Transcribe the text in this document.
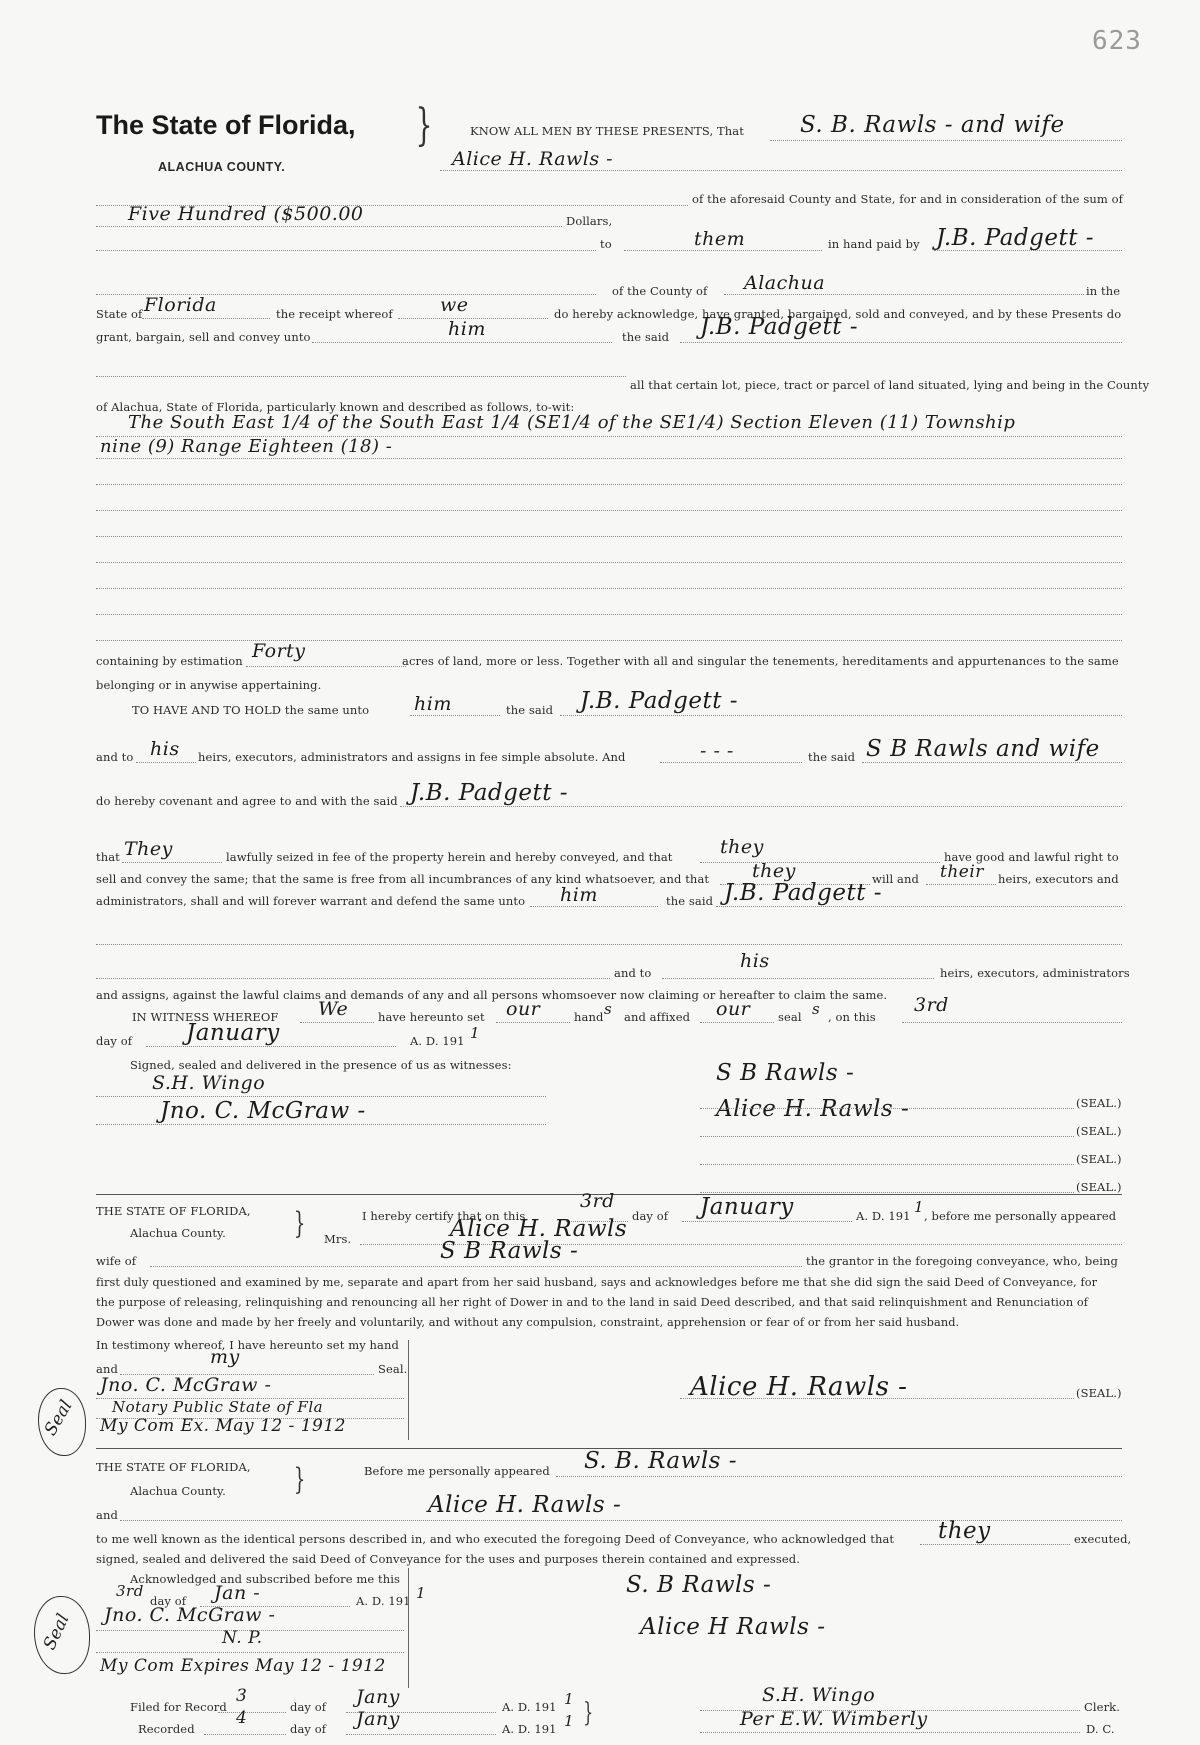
623
The State of Florida,
ALACHUA COUNTY.
}	KNOW ALL MEN BY THESE PRESENTS, That S. B. Rawls - and wife
Alice H. Rawls -
of the aforesaid County and State, for and in consideration of the sum of
Five Hundred ($500.00	Dollars,
to	them	in hand paid by J.B. Padgett -
of the County of Alachua	in the
State of Florida	the receipt whereof we	do hereby acknowledge, have granted, bargained, sold and conveyed, and by these Presents do
grant, bargain, sell and convey unto	him	the said J.B. Padgett -
all that certain lot, piece, tract or parcel of land situated, lying and being in the County
of Alachua, State of Florida, particularly known and described as follows, to-wit:
The South East 1/4 of the South East 1/4 (SE1/4 of the SE1/4) Section Eleven (11) Township
nine (9) Range Eighteen (18) -
containing by estimation Forty	acres of land, more or less. Together with all and singular the tenements, hereditaments and appurtenances to the same
belonging or in anywise appertaining.
TO HAVE AND TO HOLD the same unto him	the said J.B. Padgett -
and to his heirs, executors, administrators and assigns in fee simple absolute. And	- - -	the said S B Rawls and wife
do hereby covenant and agree to and with the said J.B. Padgett -
that They	lawfully seized in fee of the property herein and hereby conveyed, and that they	have good and lawful right to
sell and convey the same; that the same is free from all incumbrances of any kind whatsoever, and that they	will and their heirs, executors and
administrators, shall and will forever warrant and defend the same unto him	the said J.B. Padgett -
and to
his
heirs, executors, administrators
and assigns, against the lawful claims and demands of any and all persons whomsoever now claiming or hereafter to claim the same.
IN WITNESS WHEREOF We	have hereunto set our	hand s and affixed our seal s , on this
3rd
day of January	A. D. 191 1
Signed, sealed and delivered in the presence of us as witnesses:
S.H. Wingo
Jno. C. McGraw -
S B Rawls -
Alice H. Rawls -	(SEAL.)
(SEAL.)
(SEAL.)
(SEAL.)
THE STATE OF FLORIDA,
Alachua County. }	I hereby certify that on this
3rd
day of January	A. D. 191 1 , before me personally appeared
Mrs.	Alice H. Rawls
wife of	S B Rawls -	the grantor in the foregoing conveyance, who, being
first duly questioned and examined by me, separate and apart from her said husband, says and acknowledges before me that she did sign the said Deed of Conveyance, for
the purpose of releasing, relinquishing and renouncing all her right of Dower in and to the land in said Deed described, and that said relinquishment and Renunciation of
Dower was done and made by her freely and voluntarily, and without any compulsion, constraint, apprehension or fear of or from her said husband.
In testimony whereof, I have hereunto set my hand
and
my
Seal.
Jno. C. McGraw -
Notary Public State of Fla
My Com Ex. May 12 - 1912
Seal
Alice H. Rawls -	(SEAL.)
THE STATE OF FLORIDA,
Alachua County. }	Before me personally appeared S. B. Rawls -
and	Alice H. Rawls -
to me well known as the identical persons described in, and who executed the foregoing Deed of Conveyance, who acknowledged that they	executed,
signed, sealed and delivered the said Deed of Conveyance for the uses and purposes therein contained and expressed.
Acknowledged and subscribed before me this
3rd
day of Jan -	A. D. 191 1
Jno. C. McGraw -
N. P.
My Com Expires May 12 - 1912
Seal
S. B Rawls -
Alice H Rawls -
Filed for Record
3
day of Jany	A. D. 191 1
Recorded
4
day of Jany	A. D. 191 1 }
S.H. Wingo
Clerk.
Per E.W. Wimberly	D. C.
